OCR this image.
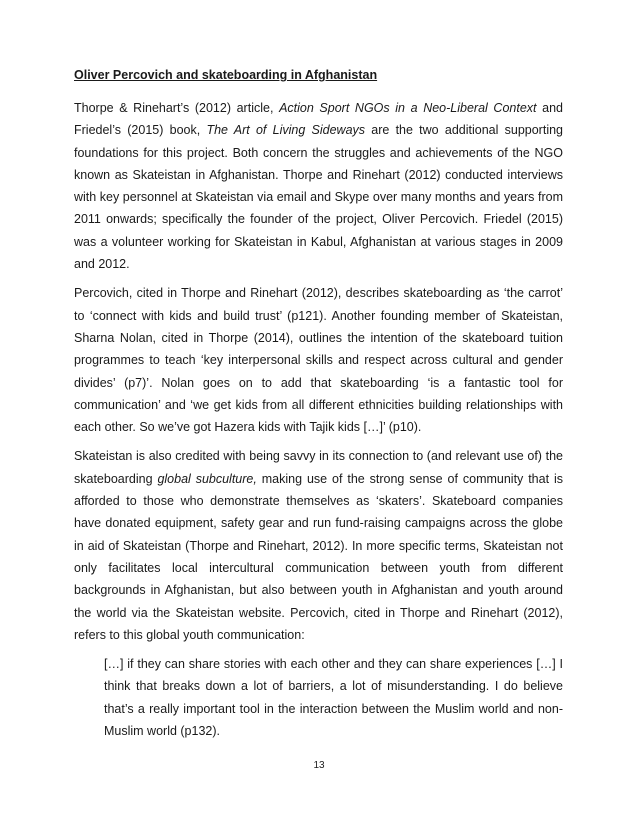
Oliver Percovich and skateboarding in Afghanistan

Thorpe & Rinehart’s (2012) article, Action Sport NGOs in a Neo-Liberal Context and Friedel’s (2015) book, The Art of Living Sideways are the two additional supporting foundations for this project. Both concern the struggles and achievements of the NGO known as Skateistan in Afghanistan. Thorpe and Rinehart (2012) conducted interviews with key personnel at Skateistan via email and Skype over many months and years from 2011 onwards; specifically the founder of the project, Oliver Percovich. Friedel (2015) was a volunteer working for Skateistan in Kabul, Afghanistan at various stages in 2009 and 2012.

Percovich, cited in Thorpe and Rinehart (2012), describes skateboarding as ‘the carrot’ to ‘connect with kids and build trust’ (p121). Another founding member of Skateistan, Sharna Nolan, cited in Thorpe (2014), outlines the intention of the skateboard tuition programmes to teach ‘key interpersonal skills and respect across cultural and gender divides’ (p7)’. Nolan goes on to add that skateboarding ‘is a fantastic tool for communication’ and ‘we get kids from all different ethnicities building relationships with each other. So we’ve got Hazera kids with Tajik kids […]’ (p10).

Skateistan is also credited with being savvy in its connection to (and relevant use of) the skateboarding global subculture, making use of the strong sense of community that is afforded to those who demonstrate themselves as ‘skaters’. Skateboard companies have donated equipment, safety gear and run fund-raising campaigns across the globe in aid of Skateistan (Thorpe and Rinehart, 2012). In more specific terms, Skateistan not only facilitates local intercultural communication between youth from different backgrounds in Afghanistan, but also between youth in Afghanistan and youth around the world via the Skateistan website. Percovich, cited in Thorpe and Rinehart (2012), refers to this global youth communication:

[…] if they can share stories with each other and they can share experiences […] I think that breaks down a lot of barriers, a lot of misunderstanding. I do believe that’s a really important tool in the interaction between the Muslim world and non-Muslim world (p132).

13
